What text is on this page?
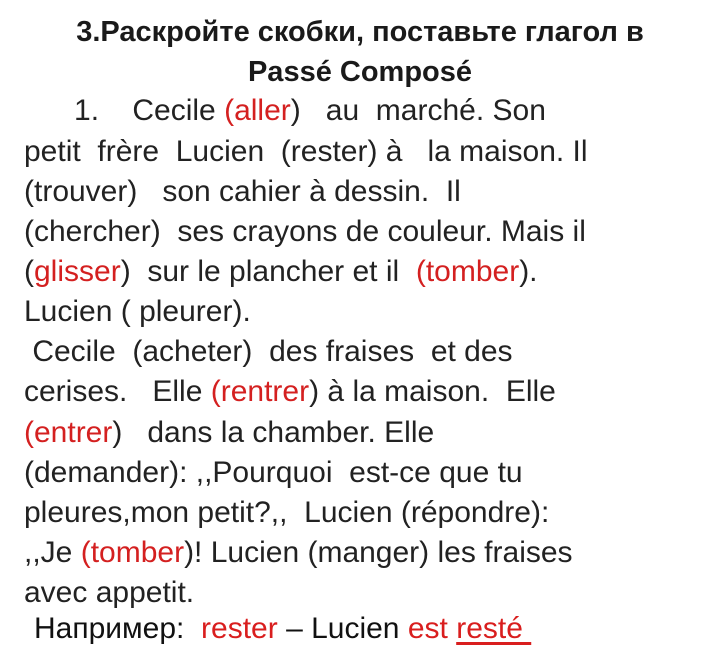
3.Раскройте скобки, поставьте глагол в
Passé Composé
1.    Cecile (aller)   au  marché. Son
petit  frère  Lucien  (rester) à   la maison. Il
(trouver)   son cahier à dessin.  Il
(chercher)  ses crayons de couleur. Mais il
(glisser)  sur le plancher et il  (tomber).
Lucien ( pleurer).
Cecile  (acheter)  des fraises  et des
cerises.   Elle (rentrer) à la maison.  Elle
(entrer)   dans la chamber. Elle
(demander): ,,Pourquoi  est-ce que tu
pleures,mon petit?,,  Lucien (répondre):
,,Je (tomber)! Lucien (manger) les fraises
avec appetit.
Например:  rester – Lucien est resté
